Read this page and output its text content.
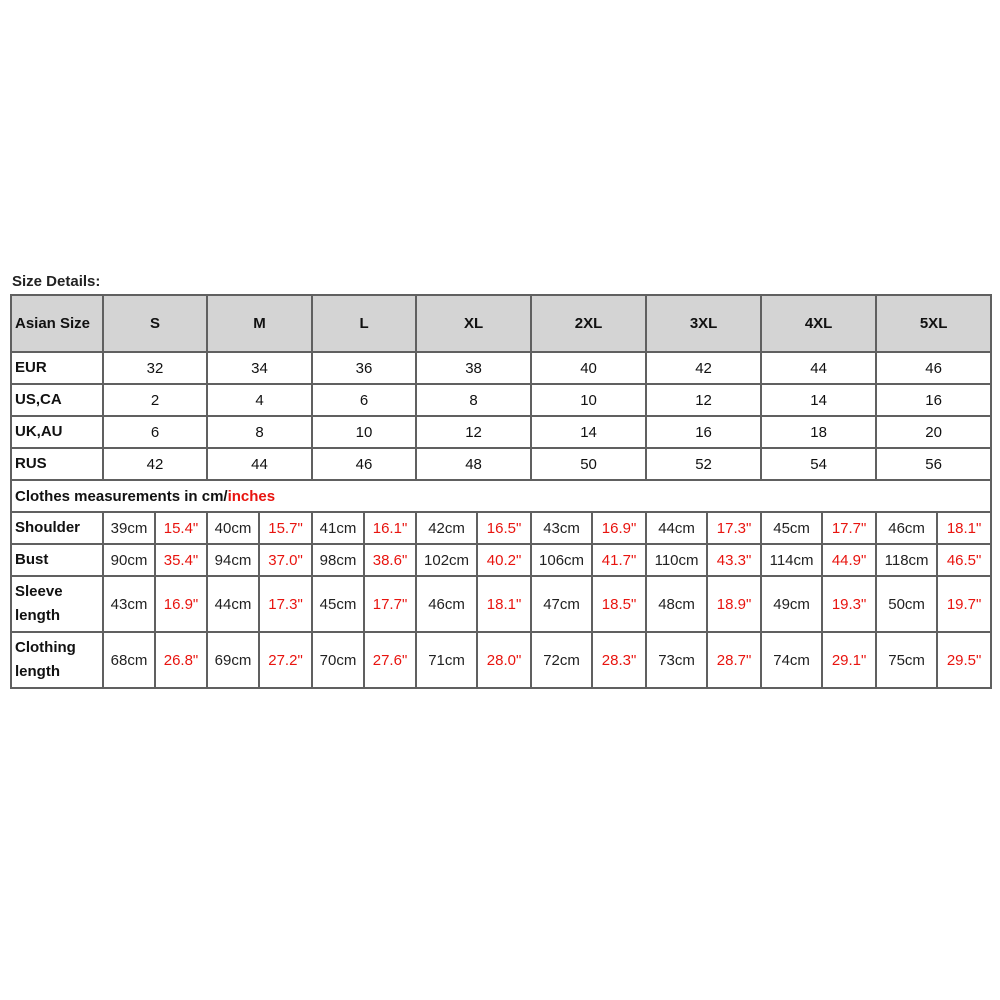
Size Details:
Asian Size	S		M		L		XL		2XL		3XL		4XL		5XL	
EUR	32		34		36		38		40		42		44		46	
US,CA	2		4		6		8		10		12		14		16	
UK,AU	6		8		10		12		14		16		18		20	
RUS	42		44		46		48		50		52		54		56	
Clothes measurements in cm/inches																
Shoulder	39cm	15.4"	40cm	15.7"	41cm	16.1"	42cm	16.5"	43cm	16.9"	44cm	17.3"	45cm	17.7"	46cm	18.1"
Bust	90cm	35.4"	94cm	37.0"	98cm	38.6"	102cm	40.2"	106cm	41.7"	110cm	43.3"	114cm	44.9"	118cm	46.5"
Sleeve length	43cm	16.9"	44cm	17.3"	45cm	17.7"	46cm	18.1"	47cm	18.5"	48cm	18.9"	49cm	19.3"	50cm	19.7"
Clothing length	68cm	26.8"	69cm	27.2"	70cm	27.6"	71cm	28.0"	72cm	28.3"	73cm	28.7"	74cm	29.1"	75cm	29.5"
